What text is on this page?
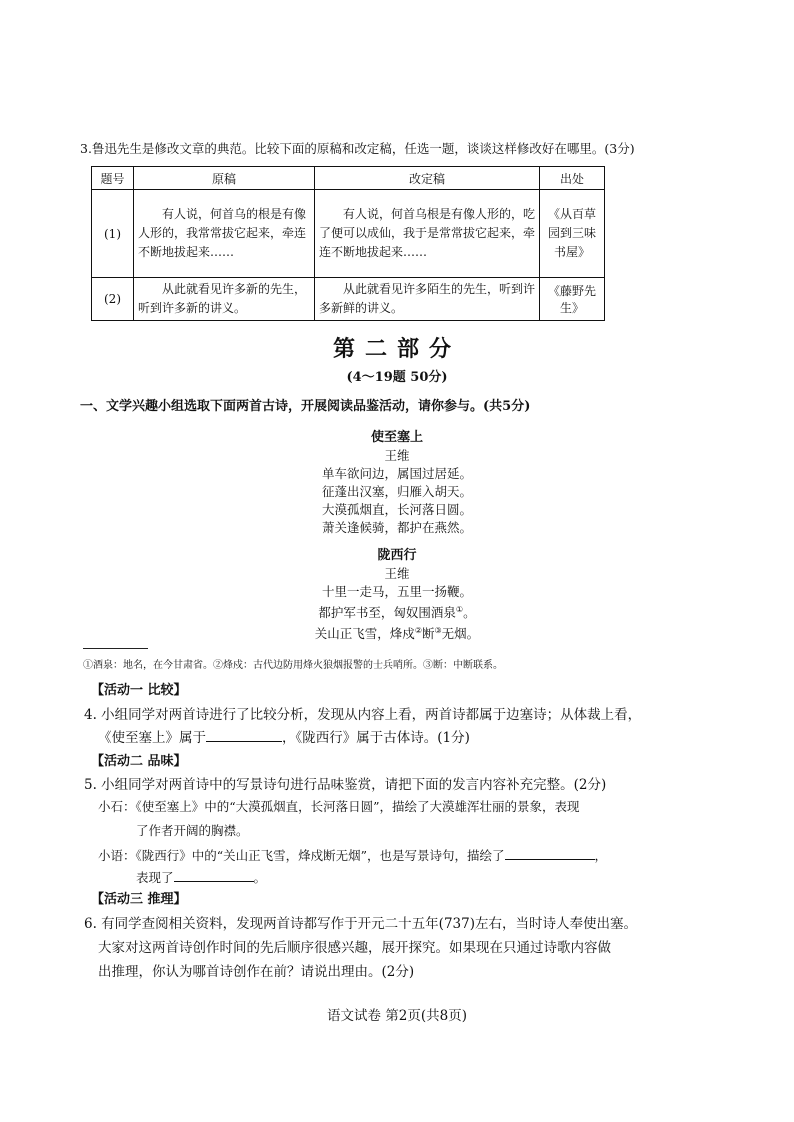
3.鲁迅先生是修改文章的典范。比较下面的原稿和改定稿，任选一题，谈谈这样修改好在哪里。(3分)
题号	原稿	改定稿	出处
(1)	有人说，何首乌的根是有像人形的，我常常拔它起来，牵连不断地拔起来……	有人说，何首乌根是有像人形的，吃了便可以成仙，我于是常常拔它起来，牵连不断地拔起来……	《从百草园到三味书屋》
(2)	从此就看见许多新的先生，听到许多新的讲义。	从此就看见许多陌生的先生，听到许多新鲜的讲义。	《藤野先生》
第二部分
(4～19题 50分)
一、文学兴趣小组选取下面两首古诗，开展阅读品鉴活动，请你参与。(共5分)
使至塞上
王维
单车欲问边，属国过居延。
征蓬出汉塞，归雁入胡天。
大漠孤烟直，长河落日圆。
萧关逢候骑，都护在燕然。
陇西行
王维
十里一走马，五里一扬鞭。
都护军书至，匈奴围酒泉①。
关山正飞雪，烽戍②断③无烟。
①酒泉：地名，在今甘肃省。②烽戍：古代边防用烽火狼烟报警的士兵哨所。③断：中断联系。
【活动一 比较】
4. 小组同学对两首诗进行了比较分析，发现从内容上看，两首诗都属于边塞诗；从体裁上看，
《使至塞上》属于	，《陇西行》属于古体诗。(1分)
【活动二 品味】
5. 小组同学对两首诗中的写景诗句进行品味鉴赏，请把下面的发言内容补充完整。(2分)
小石：《使至塞上》中的“大漠孤烟直，长河落日圆”，描绘了大漠雄浑壮丽的景象，表现
了作者开阔的胸襟。
小语：《陇西行》中的“关山正飞雪，烽戍断无烟”，也是写景诗句，描绘了	，
表现了	。
【活动三 推理】
6. 有同学查阅相关资料，发现两首诗都写作于开元二十五年(737)左右，当时诗人奉使出塞。
大家对这两首诗创作时间的先后顺序很感兴趣，展开探究。如果现在只通过诗歌内容做
出推理，你认为哪首诗创作在前？请说出理由。(2分)
语文试卷 第2页(共8页)
